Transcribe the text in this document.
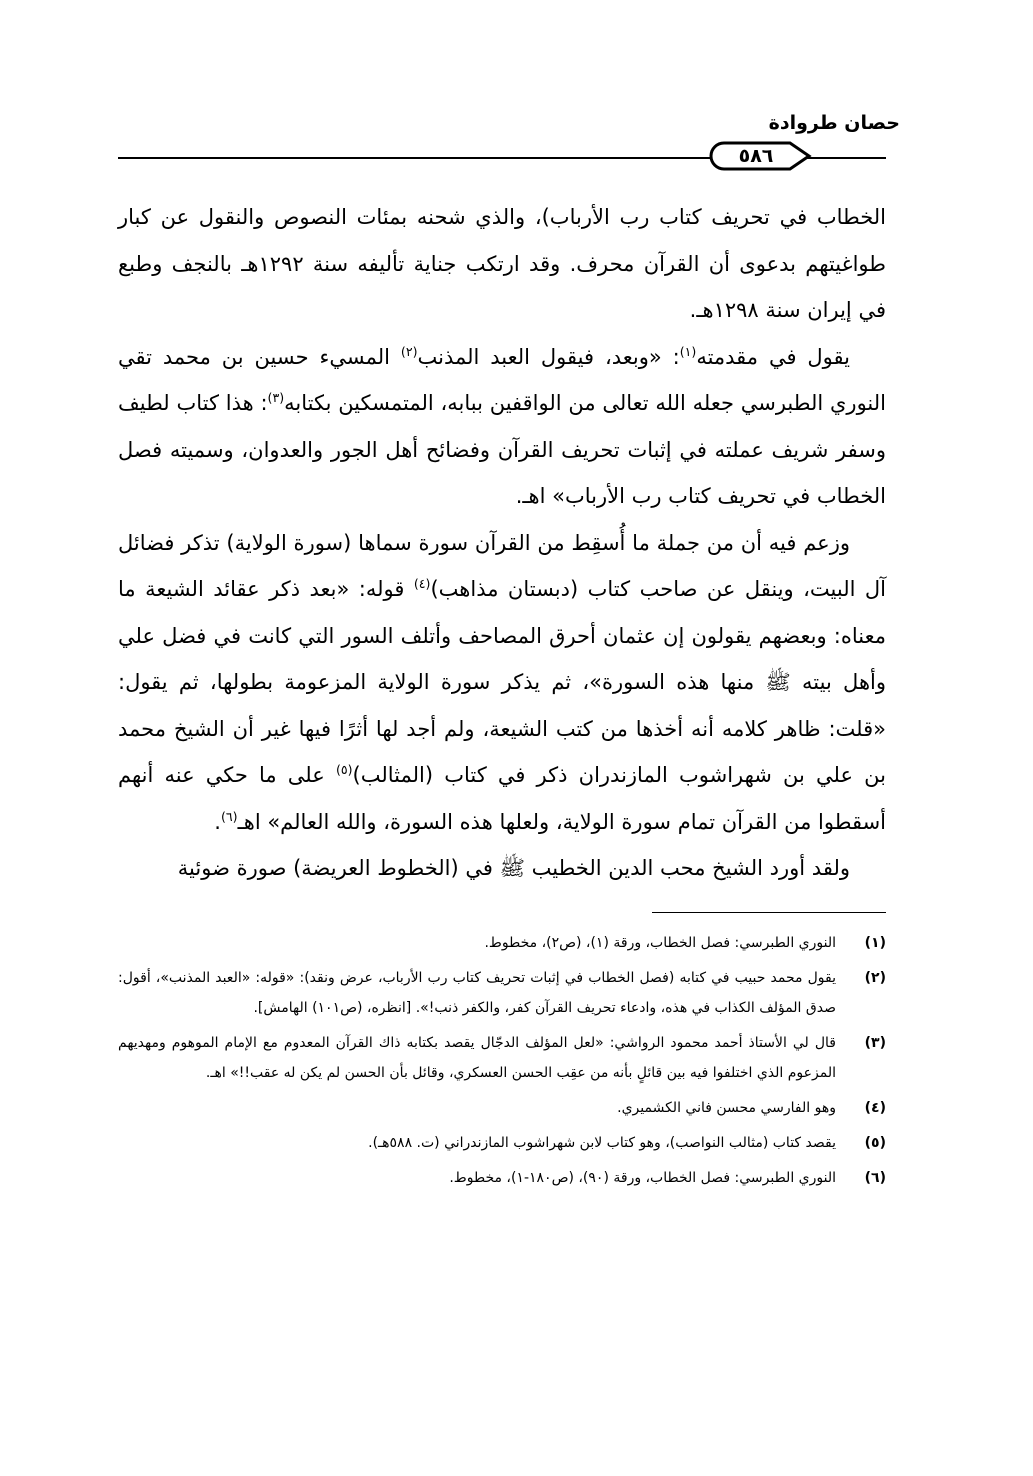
حصان طروادة
٥٨٦

الخطاب في تحريف كتاب رب الأرباب)، والذي شحنه بمئات النصوص والنقول عن كبار طواغيتهم بدعوى أن القرآن محرف. وقد ارتكب جناية تأليفه سنة ١٢٩٢هـ بالنجف وطبع في إيران سنة ١٢٩٨هـ.

يقول في مقدمته$^{(١)}$: «وبعد، فيقول العبد المذنب$^{(٢)}$ المسيء حسين بن محمد تقي النوري الطبرسي جعله الله تعالى من الواقفين ببابه، المتمسكين بكتابه$^{(٣)}$: هذا كتاب لطيف وسفر شريف عملته في إثبات تحريف القرآن وفضائح أهل الجور والعدوان، وسميته فصل الخطاب في تحريف كتاب رب الأرباب» اهـ.

وزعم فيه أن من جملة ما أُسقِط من القرآن سورة سماها (سورة الولاية) تذكر فضائل آل البيت، وينقل عن صاحب كتاب (دبستان مذاهب)$^{(٤)}$ قوله: «بعد ذكر عقائد الشيعة ما معناه: وبعضهم يقولون إن عثمان أحرق المصاحف وأتلف السور التي كانت في فضل علي وأهل بيته ﷺ منها هذه السورة»، ثم يذكر سورة الولاية المزعومة بطولها، ثم يقول: «قلت: ظاهر كلامه أنه أخذها من كتب الشيعة، ولم أجد لها أثرًا فيها غير أن الشيخ محمد بن علي بن شهراشوب المازندران ذكر في كتاب (المثالب)$^{(٥)}$ على ما حكي عنه أنهم أسقطوا من القرآن تمام سورة الولاية، ولعلها هذه السورة، والله العالم» اهـ$^{(٦)}$.

ولقد أورد الشيخ محب الدين الخطيب ﷺ في (الخطوط العريضة) صورة ضوئية

(١)
النوري الطبرسي: فصل الخطاب، ورقة (١)، (ص٢)، مخطوط.
(٢)
يقول محمد حبيب في كتابه (فصل الخطاب في إثبات تحريف كتاب رب الأرباب، عرض ونقد): «قوله: «العبد المذنب»، أقول: صدق المؤلف الكذاب في هذه، وادعاء تحريف القرآن كفر، والكفر ذنب!». [انظره، (ص١٠١) الهامش].
(٣)
قال لي الأستاذ أحمد محمود الرواشي: «لعل المؤلف الدجّال يقصد بكتابه ذاك القرآن المعدوم مع الإمام الموهوم ومهديهم المزعوم الذي اختلفوا فيه بين قائلٍ بأنه من عقِب الحسن العسكري، وقائل بأن الحسن لم يكن له عقب!!» اهـ.
(٤)
وهو الفارسي محسن فاني الكشميري.
(٥)
يقصد كتاب (مثالب النواصب)، وهو كتاب لابن شهراشوب المازندراني (ت. ٥٨٨هـ).
(٦)
النوري الطبرسي: فصل الخطاب، ورقة (٩٠)، (ص١٨٠-١)، مخطوط.
